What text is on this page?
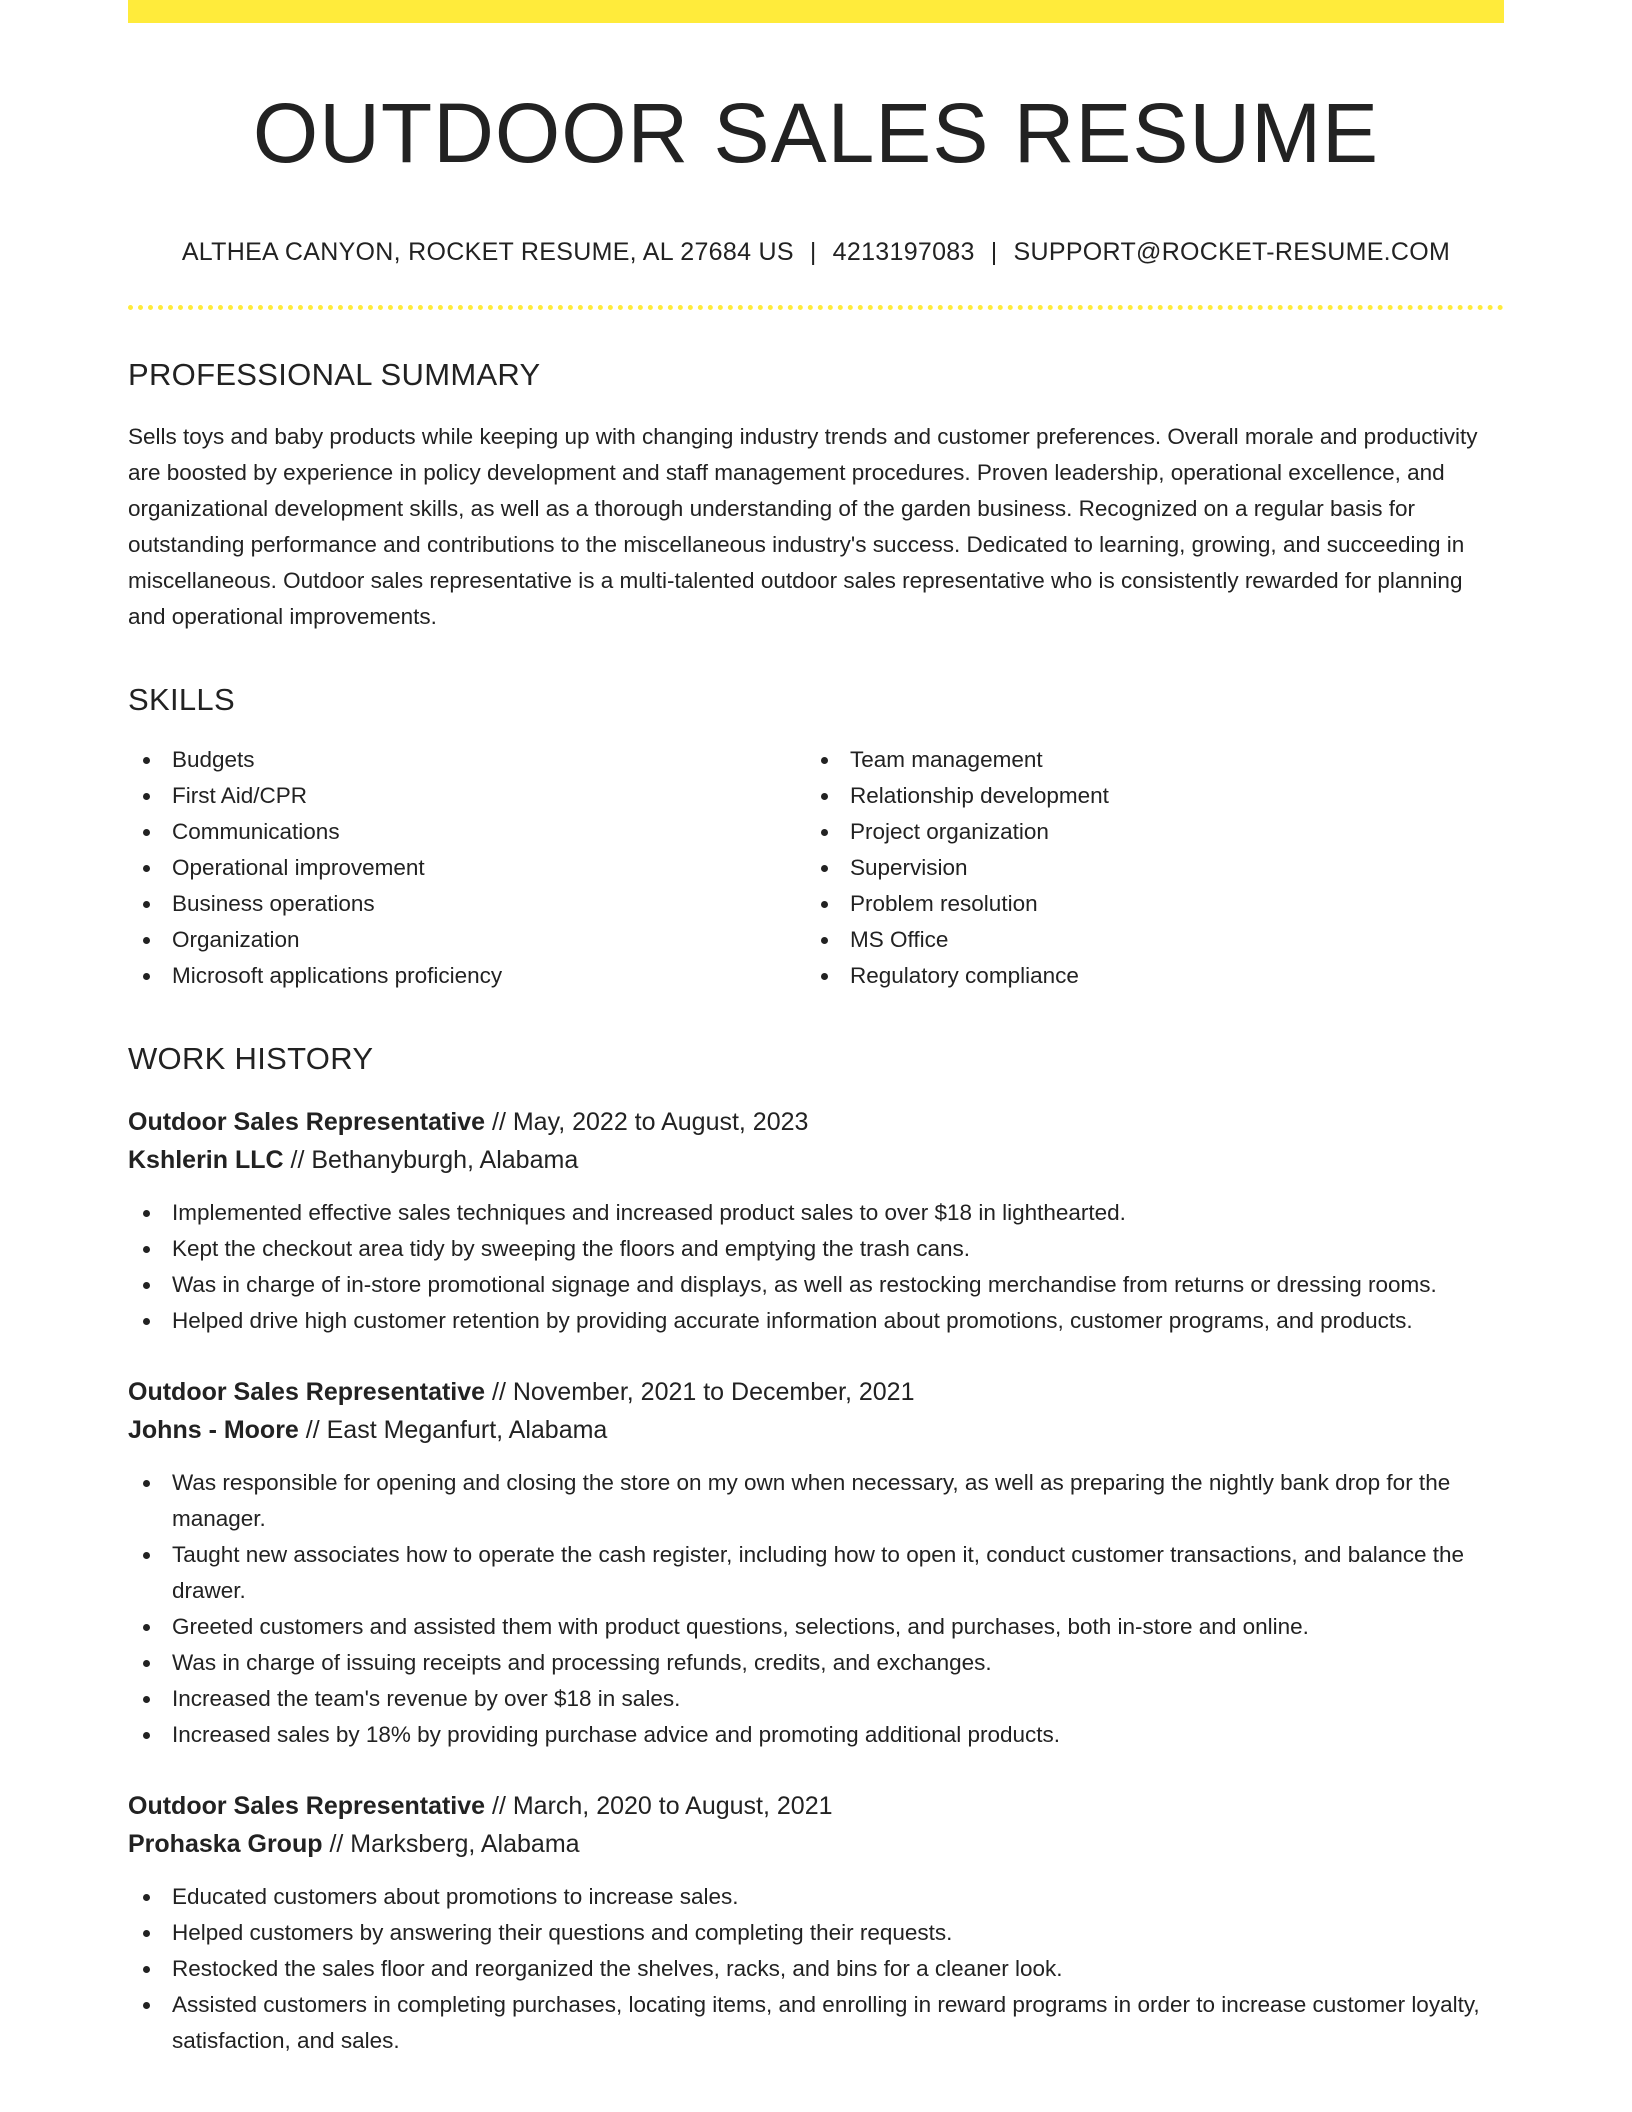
OUTDOOR SALES RESUME
ALTHEA CANYON, ROCKET RESUME, AL 27684 US | 4213197083 | SUPPORT@ROCKET-RESUME.COM
PROFESSIONAL SUMMARY

Sells toys and baby products while keeping up with changing industry trends and customer preferences. Overall morale and productivity are boosted by experience in policy development and staff management procedures. Proven leadership, operational excellence, and organizational development skills, as well as a thorough understanding of the garden business. Recognized on a regular basis for outstanding performance and contributions to the miscellaneous industry's success. Dedicated to learning, growing, and succeeding in miscellaneous. Outdoor sales representative is a multi-talented outdoor sales representative who is consistently rewarded for planning and operational improvements.

SKILLS
Budgets
First Aid/CPR
Communications
Operational improvement
Business operations
Organization
Microsoft applications proficiency
Team management
Relationship development
Project organization
Supervision
Problem resolution
MS Office
Regulatory compliance
WORK HISTORY
Outdoor Sales Representative // May, 2022 to August, 2023
Kshlerin LLC // Bethanyburgh, Alabama
Implemented effective sales techniques and increased product sales to over $18 in lighthearted.
Kept the checkout area tidy by sweeping the floors and emptying the trash cans.
Was in charge of in-store promotional signage and displays, as well as restocking merchandise from returns or dressing rooms.
Helped drive high customer retention by providing accurate information about promotions, customer programs, and products.
Outdoor Sales Representative // November, 2021 to December, 2021
Johns - Moore // East Meganfurt, Alabama
Was responsible for opening and closing the store on my own when necessary, as well as preparing the nightly bank drop for the manager.
Taught new associates how to operate the cash register, including how to open it, conduct customer transactions, and balance the drawer.
Greeted customers and assisted them with product questions, selections, and purchases, both in-store and online.
Was in charge of issuing receipts and processing refunds, credits, and exchanges.
Increased the team's revenue by over $18 in sales.
Increased sales by 18% by providing purchase advice and promoting additional products.
Outdoor Sales Representative // March, 2020 to August, 2021
Prohaska Group // Marksberg, Alabama
Educated customers about promotions to increase sales.
Helped customers by answering their questions and completing their requests.
Restocked the sales floor and reorganized the shelves, racks, and bins for a cleaner look.
Assisted customers in completing purchases, locating items, and enrolling in reward programs in order to increase customer loyalty, satisfaction, and sales.
